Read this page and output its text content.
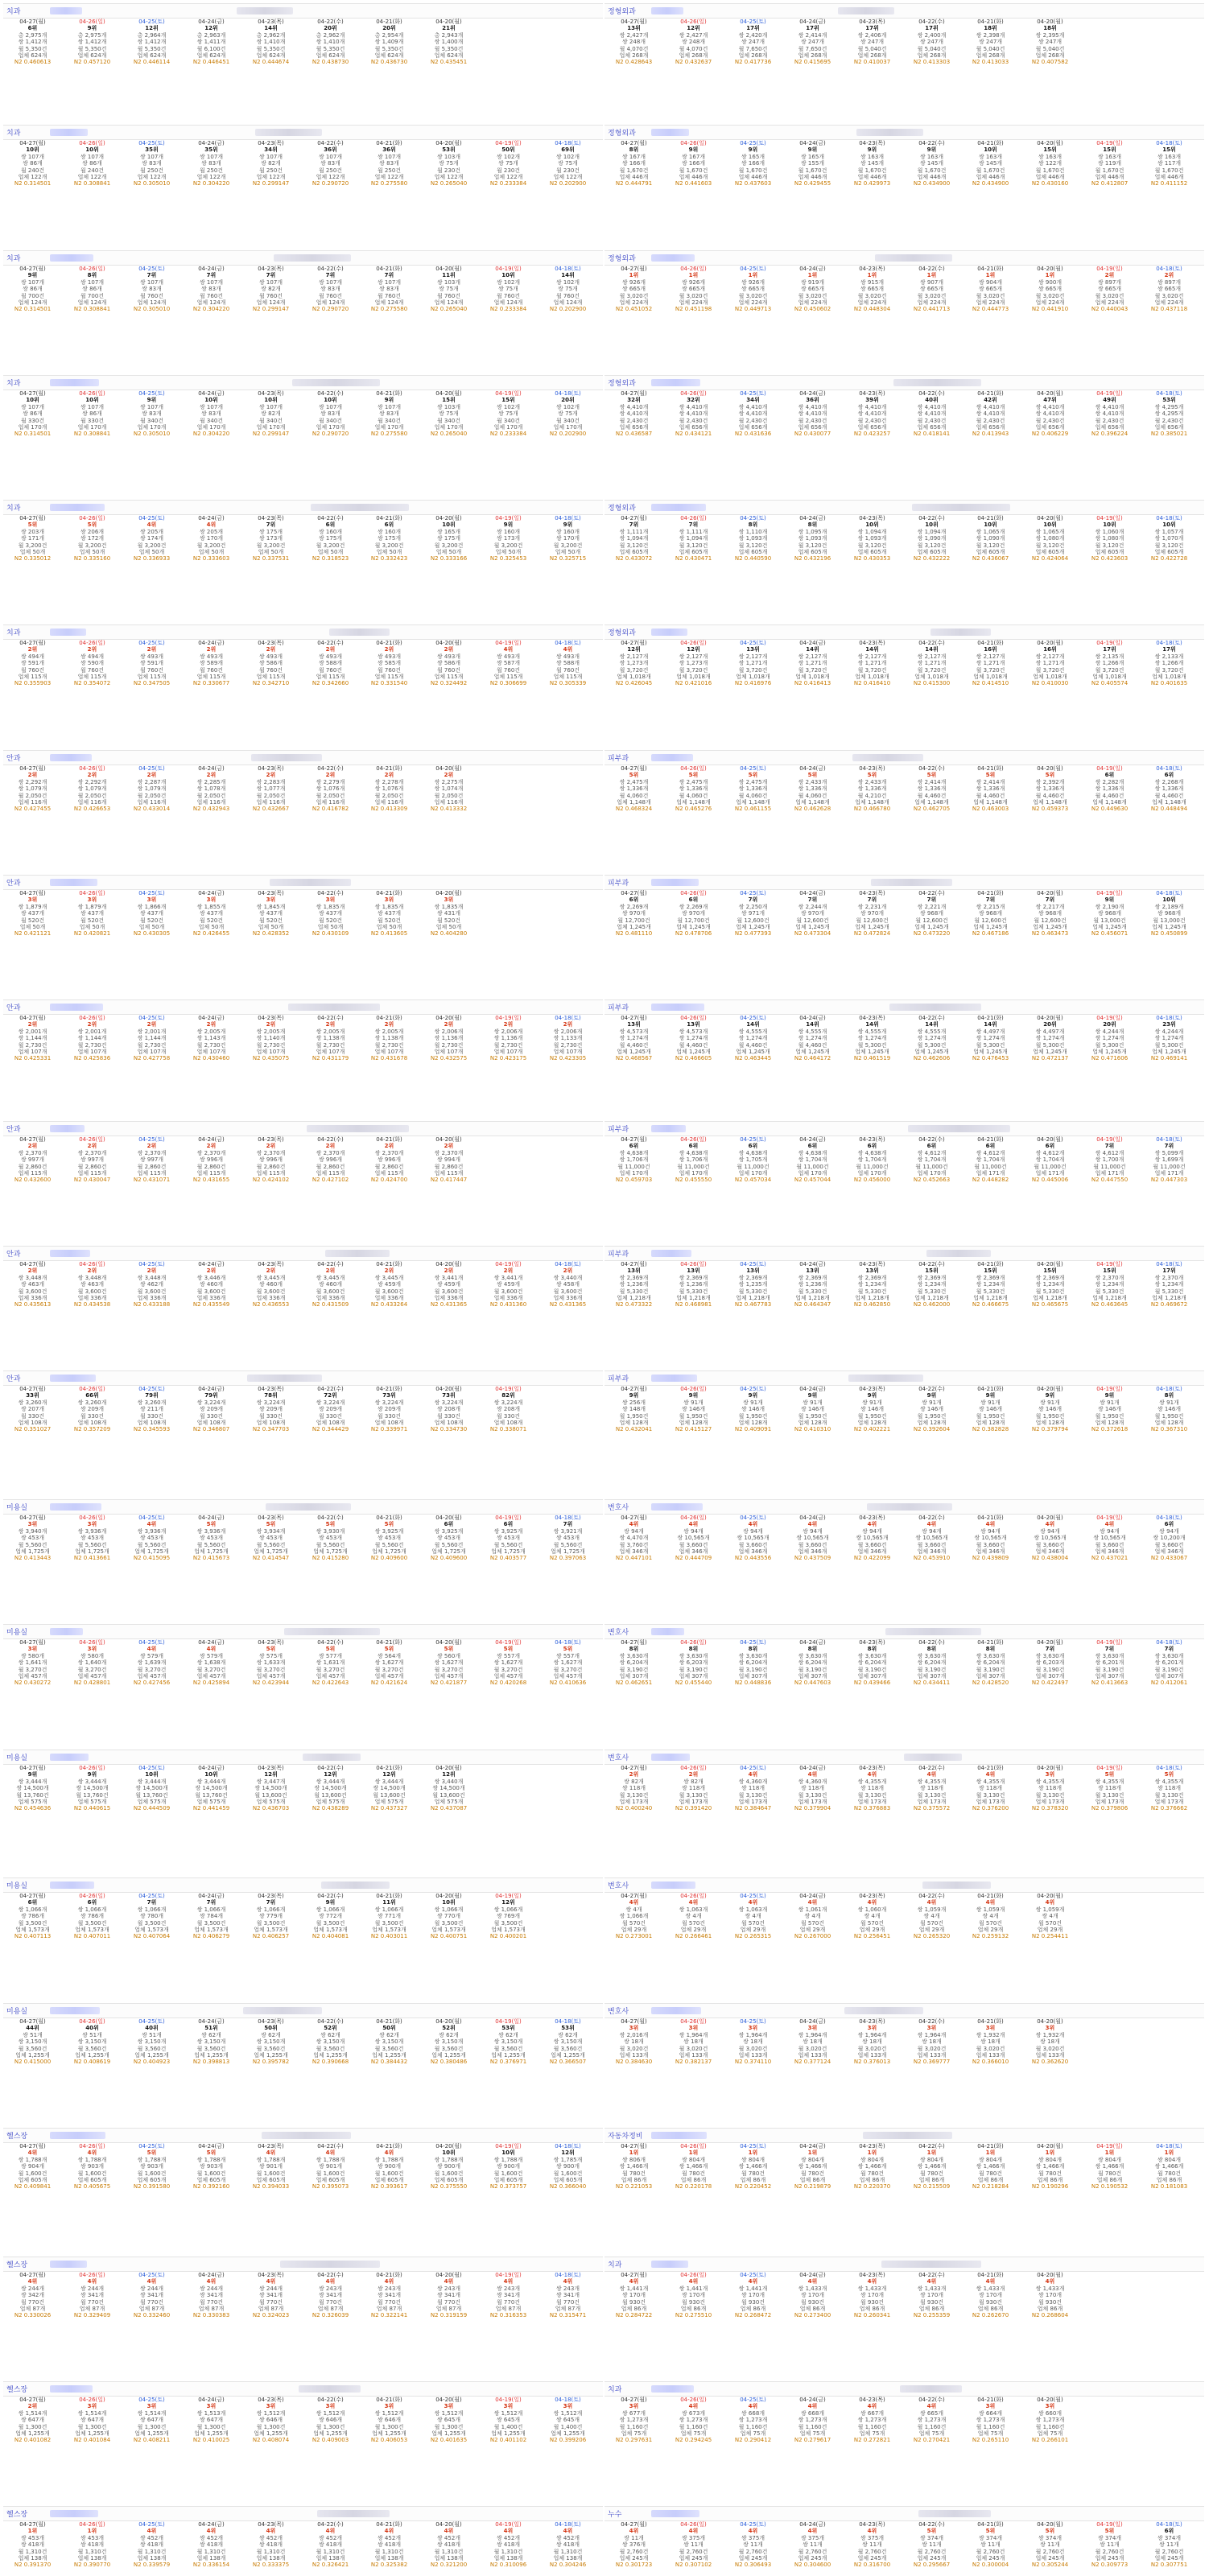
치과
04-27(월)
6위
총 2,975개
쌍 1,412개
월 5,350건
업체 624개
N2 0.460613
04-26(일)
9위
총 2,975개
쌍 1,412개
월 5,350건
업체 624개
N2 0.457120
04-25(토)
12위
총 2,964개
쌍 1,412개
월 5,350건
업체 624개
N2 0.446114
04-24(금)
12위
총 2,963개
쌍 1,411개
월 6,100건
업체 624개
N2 0.446451
04-23(목)
14위
총 2,962개
쌍 1,410개
월 5,350건
업체 624개
N2 0.444674
04-22(수)
20위
총 2,962개
쌍 1,410개
월 5,350건
업체 624개
N2 0.438730
04-21(화)
20위
총 2,954개
쌍 1,409개
월 5,350건
업체 624개
N2 0.436730
04-20(월)
21위
총 2,943개
쌍 1,400개
월 5,350건
업체 624개
N2 0.435451
치과
04-27(월)
10위
쌍 107개
쌍 86개
월 240건
업체 122개
N2 0.314501
04-26(일)
10위
쌍 107개
쌍 86개
월 240건
업체 122개
N2 0.308841
04-25(토)
35위
쌍 107개
쌍 83개
월 250건
업체 122개
N2 0.305010
04-24(금)
35위
쌍 107개
쌍 83개
월 250건
업체 122개
N2 0.304220
04-23(목)
34위
쌍 107개
쌍 82개
월 250건
업체 122개
N2 0.299147
04-22(수)
36위
쌍 107개
쌍 83개
월 250건
업체 122개
N2 0.290720
04-21(화)
36위
쌍 107개
쌍 83개
월 250건
업체 122개
N2 0.275580
04-20(월)
53위
쌍 103개
쌍 75개
월 230건
업체 122개
N2 0.265040
04-19(일)
50위
쌍 102개
쌍 75개
월 230건
업체 122개
N2 0.233384
04-18(토)
69위
쌍 102개
쌍 75개
월 230건
업체 122개
N2 0.202900
치과
04-27(월)
9위
쌍 107개
쌍 86개
월 700건
업체 124개
N2 0.314501
04-26(일)
8위
쌍 107개
쌍 86개
월 700건
업체 124개
N2 0.308841
04-25(토)
7위
쌍 107개
쌍 83개
월 760건
업체 124개
N2 0.305010
04-24(금)
7위
쌍 107개
쌍 83개
월 760건
업체 124개
N2 0.304220
04-23(목)
7위
쌍 107개
쌍 82개
월 760건
업체 124개
N2 0.299147
04-22(수)
7위
쌍 107개
쌍 83개
월 760건
업체 124개
N2 0.290720
04-21(화)
7위
쌍 107개
쌍 83개
월 760건
업체 124개
N2 0.275580
04-20(월)
11위
쌍 103개
쌍 75개
월 760건
업체 124개
N2 0.265040
04-19(일)
10위
쌍 102개
쌍 75개
월 760건
업체 124개
N2 0.233384
04-18(토)
14위
쌍 102개
쌍 75개
월 760건
업체 124개
N2 0.202900
치과
04-27(월)
10위
쌍 107개
쌍 86개
월 330건
업체 170개
N2 0.314501
04-26(일)
10위
쌍 107개
쌍 86개
월 330건
업체 170개
N2 0.308841
04-25(토)
9위
쌍 107개
쌍 83개
월 340건
업체 170개
N2 0.305010
04-24(금)
10위
쌍 107개
쌍 83개
월 340건
업체 170개
N2 0.304220
04-23(목)
10위
쌍 107개
쌍 82개
월 340건
업체 170개
N2 0.299147
04-22(수)
10위
쌍 107개
쌍 83개
월 340건
업체 170개
N2 0.290720
04-21(화)
9위
쌍 107개
쌍 83개
월 340건
업체 170개
N2 0.275580
04-20(월)
15위
쌍 103개
쌍 75개
월 340건
업체 170개
N2 0.265040
04-19(일)
15위
쌍 102개
쌍 75개
월 340건
업체 170개
N2 0.233384
04-18(토)
20위
쌍 102개
쌍 75개
월 340건
업체 170개
N2 0.202900
치과
04-27(월)
5위
쌍 203개
쌍 171개
월 3,200건
업체 50개
N2 0.335012
04-26(일)
5위
쌍 206개
쌍 172개
월 3,200건
업체 50개
N2 0.335160
04-25(토)
4위
쌍 205개
쌍 174개
월 3,200건
업체 50개
N2 0.336933
04-24(금)
4위
쌍 205개
쌍 170개
월 3,200건
업체 50개
N2 0.333603
04-23(목)
7위
쌍 175개
쌍 173개
월 3,200건
업체 50개
N2 0.337531
04-22(수)
6위
쌍 160개
쌍 175개
월 3,200건
업체 50개
N2 0.318523
04-21(화)
6위
쌍 160개
쌍 175개
월 3,200건
업체 50개
N2 0.332423
04-20(월)
10위
쌍 165개
쌍 175개
월 3,200건
업체 50개
N2 0.333166
04-19(일)
9위
쌍 160개
쌍 173개
월 3,200건
업체 50개
N2 0.325453
04-18(토)
9위
쌍 160개
쌍 170개
월 3,200건
업체 50개
N2 0.325715
치과
04-27(월)
2위
쌍 494개
쌍 591개
월 760건
업체 115개
N2 0.355903
04-26(일)
2위
쌍 494개
쌍 590개
월 760건
업체 115개
N2 0.354072
04-25(토)
2위
쌍 493개
쌍 591개
월 760건
업체 115개
N2 0.347505
04-24(금)
2위
쌍 493개
쌍 589개
월 760건
업체 115개
N2 0.330677
04-23(목)
2위
쌍 493개
쌍 586개
월 760건
업체 115개
N2 0.342710
04-22(수)
2위
쌍 493개
쌍 588개
월 760건
업체 115개
N2 0.342660
04-21(화)
2위
쌍 493개
쌍 585개
월 760건
업체 115개
N2 0.331540
04-20(월)
2위
쌍 493개
쌍 586개
월 760건
업체 115개
N2 0.324492
04-19(일)
4위
쌍 493개
쌍 587개
월 760건
업체 115개
N2 0.306699
04-18(토)
4위
쌍 493개
쌍 588개
월 760건
업체 115개
N2 0.305339
안과
04-27(월)
2위
쌍 2,292개
쌍 1,079개
월 2,050건
업체 116개
N2 0.427455
04-26(일)
2위
쌍 2,292개
쌍 1,079개
월 2,050건
업체 116개
N2 0.426653
04-25(토)
2위
쌍 2,287개
쌍 1,079개
월 2,050건
업체 116개
N2 0.433014
04-24(금)
2위
쌍 2,285개
쌍 1,078개
월 2,050건
업체 116개
N2 0.432943
04-23(목)
2위
쌍 2,283개
쌍 1,077개
월 2,050건
업체 116개
N2 0.432667
04-22(수)
2위
쌍 2,279개
쌍 1,076개
월 2,050건
업체 116개
N2 0.416782
04-21(화)
2위
쌍 2,278개
쌍 1,076개
월 2,050건
업체 116개
N2 0.413309
04-20(월)
2위
쌍 2,275개
쌍 1,074개
월 2,050건
업체 116개
N2 0.413332
안과
04-27(월)
3위
쌍 1,879개
쌍 437개
월 520건
업체 50개
N2 0.421121
04-26(일)
3위
쌍 1,879개
쌍 437개
월 520건
업체 50개
N2 0.420821
04-25(토)
3위
쌍 1,866개
쌍 437개
월 520건
업체 50개
N2 0.430305
04-24(금)
3위
쌍 1,855개
쌍 437개
월 520건
업체 50개
N2 0.426455
04-23(목)
3위
쌍 1,845개
쌍 437개
월 520건
업체 50개
N2 0.428352
04-22(수)
3위
쌍 1,835개
쌍 437개
월 520건
업체 50개
N2 0.430109
04-21(화)
3위
쌍 1,835개
쌍 437개
월 520건
업체 50개
N2 0.413605
04-20(월)
3위
쌍 1,835개
쌍 431개
월 520건
업체 50개
N2 0.404280
안과
04-27(월)
2위
쌍 2,001개
쌍 1,144개
월 2,730건
업체 107개
N2 0.425331
04-26(일)
2위
쌍 2,001개
쌍 1,144개
월 2,730건
업체 107개
N2 0.425836
04-25(토)
2위
쌍 2,001개
쌍 1,144개
월 2,730건
업체 107개
N2 0.427758
04-24(금)
2위
쌍 2,005개
쌍 1,143개
월 2,730건
업체 107개
N2 0.430460
04-23(목)
2위
쌍 2,005개
쌍 1,140개
월 2,730건
업체 107개
N2 0.435075
04-22(수)
2위
쌍 2,005개
쌍 1,138개
월 2,730건
업체 107개
N2 0.431179
04-21(화)
2위
쌍 2,005개
쌍 1,138개
월 2,730건
업체 107개
N2 0.431678
04-20(월)
2위
쌍 2,006개
쌍 1,136개
월 2,730건
업체 107개
N2 0.432575
04-19(일)
2위
쌍 2,006개
쌍 1,136개
월 2,730건
업체 107개
N2 0.423175
04-18(토)
2위
쌍 2,006개
쌍 1,133개
월 2,730건
업체 107개
N2 0.423305
안과
04-27(월)
2위
쌍 2,370개
쌍 997개
월 2,860건
업체 115개
N2 0.432600
04-26(일)
2위
쌍 2,370개
쌍 997개
월 2,860건
업체 115개
N2 0.430047
04-25(토)
2위
쌍 2,370개
쌍 997개
월 2,860건
업체 115개
N2 0.431071
04-24(금)
2위
쌍 2,370개
쌍 996개
월 2,860건
업체 115개
N2 0.431655
04-23(목)
2위
쌍 2,370개
쌍 996개
월 2,860건
업체 115개
N2 0.424102
04-22(수)
2위
쌍 2,370개
쌍 996개
월 2,860건
업체 115개
N2 0.427102
04-21(화)
2위
쌍 2,370개
쌍 996개
월 2,860건
업체 115개
N2 0.424700
04-20(월)
2위
쌍 2,370개
쌍 994개
월 2,860건
업체 115개
N2 0.417447
안과
04-27(월)
2위
쌍 3,448개
쌍 463개
월 3,600건
업체 336개
N2 0.435613
04-26(일)
2위
쌍 3,448개
쌍 463개
월 3,600건
업체 336개
N2 0.434538
04-25(토)
2위
쌍 3,448개
쌍 462개
월 3,600건
업체 336개
N2 0.433188
04-24(금)
2위
쌍 3,446개
쌍 460개
월 3,600건
업체 336개
N2 0.435549
04-23(목)
2위
쌍 3,445개
쌍 460개
월 3,600건
업체 336개
N2 0.436553
04-22(수)
2위
쌍 3,445개
쌍 460개
월 3,600건
업체 336개
N2 0.431509
04-21(화)
2위
쌍 3,445개
쌍 459개
월 3,600건
업체 336개
N2 0.433264
04-20(월)
2위
쌍 3,441개
쌍 459개
월 3,600건
업체 336개
N2 0.431365
04-19(일)
2위
쌍 3,441개
쌍 459개
월 3,600건
업체 336개
N2 0.431360
04-18(토)
2위
쌍 3,440개
쌍 458개
월 3,600건
업체 336개
N2 0.431365
안과
04-27(월)
33위
쌍 3,260개
쌍 207개
월 330건
업체 108개
N2 0.351027
04-26(일)
66위
쌍 3,260개
쌍 209개
월 330건
업체 108개
N2 0.357209
04-25(토)
79위
쌍 3,260개
쌍 211개
월 330건
업체 108개
N2 0.345593
04-24(금)
79위
쌍 3,224개
쌍 209개
월 330건
업체 108개
N2 0.346807
04-23(목)
78위
쌍 3,224개
쌍 209개
월 330건
업체 108개
N2 0.347703
04-22(수)
72위
쌍 3,224개
쌍 209개
월 330건
업체 108개
N2 0.344429
04-21(화)
73위
쌍 3,224개
쌍 209개
월 330건
업체 108개
N2 0.339971
04-20(월)
73위
쌍 3,224개
쌍 208개
월 330건
업체 108개
N2 0.334730
04-19(일)
82위
쌍 3,224개
쌍 208개
월 330건
업체 108개
N2 0.338071
미용실
04-27(월)
3위
쌍 3,940개
쌍 453개
월 5,560건
업체 1,725개
N2 0.413443
04-26(일)
3위
쌍 3,936개
쌍 453개
월 5,560건
업체 1,725개
N2 0.413661
04-25(토)
4위
쌍 3,936개
쌍 453개
월 5,560건
업체 1,725개
N2 0.415095
04-24(금)
5위
쌍 3,936개
쌍 453개
월 5,560건
업체 1,725개
N2 0.415673
04-23(목)
5위
쌍 3,934개
쌍 453개
월 5,560건
업체 1,725개
N2 0.414547
04-22(수)
5위
쌍 3,930개
쌍 453개
월 5,560건
업체 1,725개
N2 0.415280
04-21(화)
5위
쌍 3,925개
쌍 453개
월 5,560건
업체 1,725개
N2 0.409600
04-20(월)
6위
쌍 3,925개
쌍 453개
월 5,560건
업체 1,725개
N2 0.409600
04-19(일)
6위
쌍 3,925개
쌍 453개
월 5,560건
업체 1,725개
N2 0.403577
04-18(토)
7위
쌍 3,921개
쌍 453개
월 5,560건
업체 1,725개
N2 0.397063
미용실
04-27(월)
3위
쌍 580개
쌍 1,641개
월 3,270건
업체 457개
N2 0.430272
04-26(일)
3위
쌍 580개
쌍 1,640개
월 3,270건
업체 457개
N2 0.428801
04-25(토)
4위
쌍 579개
쌍 1,639개
월 3,270건
업체 457개
N2 0.427456
04-24(금)
4위
쌍 579개
쌍 1,638개
월 3,270건
업체 457개
N2 0.425894
04-23(목)
5위
쌍 575개
쌍 1,633개
월 3,270건
업체 457개
N2 0.423944
04-22(수)
5위
쌍 577개
쌍 1,631개
월 3,270건
업체 457개
N2 0.422643
04-21(화)
5위
쌍 564개
쌍 1,627개
월 3,270건
업체 457개
N2 0.421624
04-20(월)
5위
쌍 560개
쌍 1,627개
월 3,270건
업체 457개
N2 0.421877
04-19(일)
5위
쌍 557개
쌍 1,627개
월 3,270건
업체 457개
N2 0.420268
04-18(토)
5위
쌍 557개
쌍 1,627개
월 3,270건
업체 457개
N2 0.410636
미용실
04-27(월)
9위
쌍 3,444개
쌍 14,500개
월 13,760건
업체 575개
N2 0.454636
04-26(일)
9위
쌍 3,444개
쌍 14,500개
월 13,760건
업체 575개
N2 0.440615
04-25(토)
10위
쌍 3,444개
쌍 14,500개
월 13,760건
업체 575개
N2 0.444509
04-24(금)
10위
쌍 3,444개
쌍 14,500개
월 13,760건
업체 575개
N2 0.441459
04-23(목)
12위
쌍 3,447개
쌍 14,500개
월 13,600건
업체 575개
N2 0.436703
04-22(수)
12위
쌍 3,444개
쌍 14,500개
월 13,600건
업체 575개
N2 0.438289
04-21(화)
12위
쌍 3,444개
쌍 14,500개
월 13,600건
업체 575개
N2 0.437327
04-20(월)
12위
쌍 3,440개
쌍 14,500개
월 13,600건
업체 575개
N2 0.437087
미용실
04-27(월)
6위
쌍 1,066개
쌍 786개
월 3,500건
업체 1,573개
N2 0.407113
04-26(일)
6위
쌍 1,066개
쌍 786개
월 3,500건
업체 1,573개
N2 0.407011
04-25(토)
7위
쌍 1,066개
쌍 780개
월 3,500건
업체 1,573개
N2 0.407064
04-24(금)
7위
쌍 1,066개
쌍 784개
월 3,500건
업체 1,573개
N2 0.406279
04-23(목)
7위
쌍 1,066개
쌍 779개
월 3,500건
업체 1,573개
N2 0.406257
04-22(수)
9위
쌍 1,066개
쌍 772개
월 3,500건
업체 1,573개
N2 0.404081
04-21(화)
11위
쌍 1,066개
쌍 771개
월 3,500건
업체 1,573개
N2 0.403011
04-20(월)
10위
쌍 1,066개
쌍 770개
월 3,500건
업체 1,573개
N2 0.400751
04-19(일)
12위
쌍 1,066개
쌍 769개
월 3,500건
업체 1,573개
N2 0.400201
미용실
04-27(월)
44위
쌍 51개
쌍 3,150개
월 3,560건
업체 1,255개
N2 0.415000
04-26(일)
40위
쌍 51개
쌍 3,150개
월 3,560건
업체 1,255개
N2 0.408619
04-25(토)
40위
쌍 51개
쌍 3,150개
월 3,560건
업체 1,255개
N2 0.404923
04-24(금)
51위
쌍 62개
쌍 3,150개
월 3,560건
업체 1,255개
N2 0.398813
04-23(목)
50위
쌍 62개
쌍 3,150개
월 3,560건
업체 1,255개
N2 0.395782
04-22(수)
52위
쌍 62개
쌍 3,150개
월 3,560건
업체 1,255개
N2 0.390668
04-21(화)
50위
쌍 62개
쌍 3,150개
월 3,560건
업체 1,255개
N2 0.384432
04-20(월)
52위
쌍 62개
쌍 3,150개
월 3,560건
업체 1,255개
N2 0.380486
04-19(일)
53위
쌍 62개
쌍 3,150개
월 3,560건
업체 1,255개
N2 0.376971
04-18(토)
53위
쌍 62개
쌍 3,150개
월 3,560건
업체 1,255개
N2 0.366507
헬스장
04-27(월)
4위
쌍 1,788개
쌍 904개
월 1,600건
업체 605개
N2 0.409841
04-26(일)
4위
쌍 1,788개
쌍 903개
월 1,600건
업체 605개
N2 0.405675
04-25(토)
5위
쌍 1,788개
쌍 903개
월 1,600건
업체 605개
N2 0.391580
04-24(금)
5위
쌍 1,788개
쌍 903개
월 1,600건
업체 605개
N2 0.392160
04-23(목)
4위
쌍 1,788개
쌍 901개
월 1,600건
업체 605개
N2 0.394033
04-22(수)
4위
쌍 1,788개
쌍 901개
월 1,600건
업체 605개
N2 0.395073
04-21(화)
4위
쌍 1,788개
쌍 900개
월 1,600건
업체 605개
N2 0.393617
04-20(월)
10위
쌍 1,788개
쌍 900개
월 1,600건
업체 605개
N2 0.375550
04-19(일)
10위
쌍 1,788개
쌍 900개
월 1,600건
업체 605개
N2 0.373757
04-18(토)
12위
쌍 1,785개
쌍 900개
월 1,600건
업체 605개
N2 0.366040
헬스장
04-27(월)
4위
쌍 244개
쌍 342개
월 770건
업체 87개
N2 0.330026
04-26(일)
4위
쌍 244개
쌍 341개
월 770건
업체 87개
N2 0.329409
04-25(토)
4위
쌍 244개
쌍 341개
월 770건
업체 87개
N2 0.332460
04-24(금)
4위
쌍 244개
쌍 341개
월 770건
업체 87개
N2 0.330383
04-23(목)
4위
쌍 244개
쌍 341개
월 770건
업체 87개
N2 0.324023
04-22(수)
4위
쌍 243개
쌍 341개
월 770건
업체 87개
N2 0.326039
04-21(화)
4위
쌍 243개
쌍 341개
월 770건
업체 87개
N2 0.322141
04-20(월)
4위
쌍 243개
쌍 341개
월 770건
업체 87개
N2 0.319159
04-19(일)
4위
쌍 243개
쌍 341개
월 770건
업체 87개
N2 0.316353
04-18(토)
4위
쌍 243개
쌍 341개
월 770건
업체 87개
N2 0.315471
헬스장
04-27(월)
2위
쌍 1,514개
쌍 647개
월 1,300건
업체 1,255개
N2 0.401082
04-26(일)
3위
쌍 1,514개
쌍 647개
월 1,300건
업체 1,255개
N2 0.401084
04-25(토)
3위
쌍 1,514개
쌍 647개
월 1,300건
업체 1,255개
N2 0.408211
04-24(금)
3위
쌍 1,513개
쌍 647개
월 1,300건
업체 1,255개
N2 0.410025
04-23(목)
3위
쌍 1,512개
쌍 646개
월 1,300건
업체 1,255개
N2 0.408074
04-22(수)
3위
쌍 1,512개
쌍 646개
월 1,300건
업체 1,255개
N2 0.409003
04-21(화)
3위
쌍 1,512개
쌍 646개
월 1,300건
업체 1,255개
N2 0.406053
04-20(월)
3위
쌍 1,512개
쌍 645개
월 1,300건
업체 1,255개
N2 0.401635
04-19(일)
3위
쌍 1,512개
쌍 645개
월 1,400건
업체 1,255개
N2 0.401102
04-18(토)
3위
쌍 1,512개
쌍 645개
월 1,400건
업체 1,255개
N2 0.399206
헬스장
04-27(월)
1위
쌍 453개
쌍 418개
월 1,310건
업체 138개
N2 0.391370
04-26(일)
1위
쌍 453개
쌍 418개
월 1,310건
업체 138개
N2 0.390770
04-25(토)
4위
쌍 452개
쌍 418개
월 1,310건
업체 138개
N2 0.339579
04-24(금)
4위
쌍 452개
쌍 418개
월 1,310건
업체 138개
N2 0.336154
04-23(목)
4위
쌍 452개
쌍 418개
월 1,310건
업체 138개
N2 0.333375
04-22(수)
4위
쌍 452개
쌍 418개
월 1,310건
업체 138개
N2 0.326421
04-21(화)
4위
쌍 452개
쌍 418개
월 1,310건
업체 138개
N2 0.325382
04-20(월)
4위
쌍 452개
쌍 418개
월 1,310건
업체 138개
N2 0.321200
04-19(일)
4위
쌍 452개
쌍 418개
월 1,310건
업체 138개
N2 0.310096
04-18(토)
4위
쌍 452개
쌍 418개
월 1,310건
업체 138개
N2 0.304246
정형외과
04-27(월)
13위
쌍 2,427개
쌍 248개
월 4,070건
업체 268개
N2 0.428643
04-26(일)
12위
쌍 2,427개
쌍 248개
월 4,070건
업체 268개
N2 0.432637
04-25(토)
17위
쌍 2,420개
쌍 247개
월 7,650건
업체 268개
N2 0.417736
04-24(금)
17위
쌍 2,414개
쌍 247개
월 7,650건
업체 268개
N2 0.415695
04-23(목)
17위
쌍 2,406개
쌍 247개
월 5,040건
업체 268개
N2 0.410037
04-22(수)
17위
쌍 2,400개
쌍 247개
월 5,040건
업체 268개
N2 0.413303
04-21(화)
18위
쌍 2,398개
쌍 247개
월 5,040건
업체 268개
N2 0.413033
04-20(월)
18위
쌍 2,395개
쌍 247개
월 5,040건
업체 268개
N2 0.407582
정형외과
04-27(월)
8위
쌍 167개
쌍 166개
월 1,670건
업체 446개
N2 0.444791
04-26(일)
9위
쌍 167개
쌍 166개
월 1,670건
업체 446개
N2 0.441603
04-25(토)
9위
쌍 165개
쌍 166개
월 1,670건
업체 446개
N2 0.437603
04-24(금)
9위
쌍 165개
쌍 155개
월 1,670건
업체 446개
N2 0.429455
04-23(목)
9위
쌍 163개
쌍 145개
월 1,670건
업체 446개
N2 0.429973
04-22(수)
9위
쌍 163개
쌍 145개
월 1,670건
업체 446개
N2 0.434900
04-21(화)
10위
쌍 163개
쌍 145개
월 1,670건
업체 446개
N2 0.434900
04-20(월)
15위
쌍 163개
쌍 122개
월 1,670건
업체 446개
N2 0.430160
04-19(일)
15위
쌍 163개
쌍 119개
월 1,670건
업체 446개
N2 0.412807
04-18(토)
15위
쌍 163개
쌍 117개
월 1,670건
업체 446개
N2 0.411152
정형외과
04-27(월)
1위
쌍 926개
쌍 665개
월 3,020건
업체 224개
N2 0.451052
04-26(일)
1위
쌍 926개
쌍 665개
월 3,020건
업체 224개
N2 0.451198
04-25(토)
1위
쌍 926개
쌍 665개
월 3,020건
업체 224개
N2 0.449713
04-24(금)
1위
쌍 919개
쌍 665개
월 3,020건
업체 224개
N2 0.450602
04-23(목)
1위
쌍 915개
쌍 665개
월 3,020건
업체 224개
N2 0.448304
04-22(수)
1위
쌍 907개
쌍 665개
월 3,020건
업체 224개
N2 0.441713
04-21(화)
1위
쌍 904개
쌍 665개
월 3,020건
업체 224개
N2 0.444773
04-20(월)
1위
쌍 900개
쌍 665개
월 3,020건
업체 224개
N2 0.441910
04-19(일)
2위
쌍 897개
쌍 665개
월 3,020건
업체 224개
N2 0.440043
04-18(토)
2위
쌍 897개
쌍 665개
월 3,020건
업체 224개
N2 0.437118
정형외과
04-27(월)
32위
쌍 4,410개
쌍 4,410개
월 2,430건
업체 656개
N2 0.436587
04-26(일)
32위
쌍 4,410개
쌍 4,410개
월 2,430건
업체 656개
N2 0.434121
04-25(토)
34위
쌍 4,410개
쌍 4,410개
월 2,430건
업체 656개
N2 0.431636
04-24(금)
36위
쌍 4,410개
쌍 4,410개
월 2,430건
업체 656개
N2 0.430077
04-23(목)
39위
쌍 4,410개
쌍 4,410개
월 2,430건
업체 656개
N2 0.423257
04-22(수)
40위
쌍 4,410개
쌍 4,410개
월 2,430건
업체 656개
N2 0.418141
04-21(화)
42위
쌍 4,410개
쌍 4,410개
월 2,430건
업체 656개
N2 0.413943
04-20(월)
47위
쌍 4,410개
쌍 4,410개
월 2,430건
업체 656개
N2 0.406229
04-19(일)
49위
쌍 4,410개
쌍 4,410개
월 2,430건
업체 656개
N2 0.396224
04-18(토)
53위
쌍 4,295개
쌍 4,295개
월 2,430건
업체 656개
N2 0.385021
정형외과
04-27(월)
7위
쌍 1,111개
쌍 1,094개
월 3,120건
업체 605개
N2 0.433072
04-26(일)
7위
쌍 1,111개
쌍 1,094개
월 3,120건
업체 605개
N2 0.430471
04-25(토)
8위
쌍 1,110개
쌍 1,093개
월 3,120건
업체 605개
N2 0.440590
04-24(금)
8위
쌍 1,095개
쌍 1,093개
월 3,120건
업체 605개
N2 0.432196
04-23(목)
10위
쌍 1,094개
쌍 1,093개
월 3,120건
업체 605개
N2 0.430353
04-22(수)
10위
쌍 1,094개
쌍 1,090개
월 3,120건
업체 605개
N2 0.432222
04-21(화)
10위
쌍 1,065개
쌍 1,090개
월 3,120건
업체 605개
N2 0.436067
04-20(월)
10위
쌍 1,065개
쌍 1,080개
월 3,120건
업체 605개
N2 0.424064
04-19(일)
10위
쌍 1,060개
쌍 1,080개
월 3,120건
업체 605개
N2 0.423603
04-18(토)
10위
쌍 1,057개
쌍 1,070개
월 3,120건
업체 605개
N2 0.422728
정형외과
04-27(월)
12위
쌍 2,127개
쌍 1,273개
월 3,720건
업체 1,018개
N2 0.426045
04-26(일)
12위
쌍 2,127개
쌍 1,273개
월 3,720건
업체 1,018개
N2 0.421016
04-25(토)
13위
쌍 2,127개
쌍 1,271개
월 3,720건
업체 1,018개
N2 0.416976
04-24(금)
14위
쌍 2,127개
쌍 1,271개
월 3,720건
업체 1,018개
N2 0.416413
04-23(목)
14위
쌍 2,127개
쌍 1,271개
월 3,720건
업체 1,018개
N2 0.416410
04-22(수)
14위
쌍 2,127개
쌍 1,271개
월 3,720건
업체 1,018개
N2 0.415300
04-21(화)
16위
쌍 2,127개
쌍 1,271개
월 3,720건
업체 1,018개
N2 0.414510
04-20(월)
16위
쌍 2,127개
쌍 1,271개
월 3,720건
업체 1,018개
N2 0.410030
04-19(일)
17위
쌍 2,135개
쌍 1,266개
월 3,720건
업체 1,018개
N2 0.405574
04-18(토)
17위
쌍 2,133개
쌍 1,266개
월 3,720건
업체 1,018개
N2 0.401635
피부과
04-27(월)
5위
쌍 2,475개
쌍 1,336개
월 4,060건
업체 1,148개
N2 0.468324
04-26(일)
5위
쌍 2,475개
쌍 1,336개
월 4,060건
업체 1,148개
N2 0.465276
04-25(토)
5위
쌍 2,475개
쌍 1,336개
월 4,060건
업체 1,148개
N2 0.461155
04-24(금)
5위
쌍 2,433개
쌍 1,336개
월 4,060건
업체 1,148개
N2 0.462628
04-23(목)
5위
쌍 2,433개
쌍 1,336개
월 4,210건
업체 1,148개
N2 0.466780
04-22(수)
5위
쌍 2,414개
쌍 1,336개
월 4,460건
업체 1,148개
N2 0.462705
04-21(화)
5위
쌍 2,414개
쌍 1,336개
월 4,460건
업체 1,148개
N2 0.463003
04-20(월)
5위
쌍 2,392개
쌍 1,336개
월 4,460건
업체 1,148개
N2 0.459373
04-19(일)
6위
쌍 2,282개
쌍 1,336개
월 4,460건
업체 1,148개
N2 0.449630
04-18(토)
6위
쌍 2,268개
쌍 1,336개
월 4,460건
업체 1,148개
N2 0.448494
피부과
04-27(월)
6위
쌍 2,269개
쌍 970개
월 12,700건
업체 1,245개
N2 0.481110
04-26(일)
6위
쌍 2,269개
쌍 970개
월 12,700건
업체 1,245개
N2 0.478706
04-25(토)
7위
쌍 2,250개
쌍 971개
월 12,600건
업체 1,245개
N2 0.477393
04-24(금)
7위
쌍 2,244개
쌍 970개
월 12,600건
업체 1,245개
N2 0.473304
04-23(목)
7위
쌍 2,231개
쌍 970개
월 12,600건
업체 1,245개
N2 0.472824
04-22(수)
7위
쌍 2,221개
쌍 968개
월 12,600건
업체 1,245개
N2 0.473220
04-21(화)
7위
쌍 2,215개
쌍 968개
월 12,600건
업체 1,245개
N2 0.467186
04-20(월)
7위
쌍 2,217개
쌍 968개
월 12,600건
업체 1,245개
N2 0.463473
04-19(일)
9위
쌍 2,190개
쌍 968개
월 13,000건
업체 1,245개
N2 0.456071
04-18(토)
10위
쌍 2,189개
쌍 968개
월 13,000건
업체 1,245개
N2 0.450899
피부과
04-27(월)
13위
쌍 4,573개
쌍 1,274개
월 4,460건
업체 1,245개
N2 0.468567
04-26(일)
13위
쌍 4,573개
쌍 1,274개
월 4,460건
업체 1,245개
N2 0.466605
04-25(토)
14위
쌍 4,555개
쌍 1,274개
월 4,460건
업체 1,245개
N2 0.463445
04-24(금)
14위
쌍 4,555개
쌍 1,274개
월 4,460건
업체 1,245개
N2 0.464172
04-23(목)
14위
쌍 4,555개
쌍 1,274개
월 5,300건
업체 1,245개
N2 0.461519
04-22(수)
14위
쌍 4,555개
쌍 1,274개
월 5,300건
업체 1,245개
N2 0.462606
04-21(화)
14위
쌍 4,497개
쌍 1,274개
월 5,300건
업체 1,245개
N2 0.476453
04-20(월)
20위
쌍 4,497개
쌍 1,274개
월 5,300건
업체 1,245개
N2 0.472137
04-19(일)
20위
쌍 4,244개
쌍 1,274개
월 5,300건
업체 1,245개
N2 0.471606
04-18(토)
23위
쌍 4,244개
쌍 1,274개
월 5,300건
업체 1,245개
N2 0.469141
피부과
04-27(월)
6위
쌍 4,638개
쌍 1,706개
월 11,000건
업체 170개
N2 0.459703
04-26(일)
6위
쌍 4,638개
쌍 1,706개
월 11,000건
업체 170개
N2 0.455550
04-25(토)
6위
쌍 4,638개
쌍 1,705개
월 11,000건
업체 170개
N2 0.457034
04-24(금)
6위
쌍 4,638개
쌍 1,704개
월 11,000건
업체 170개
N2 0.457044
04-23(목)
6위
쌍 4,638개
쌍 1,704개
월 11,000건
업체 170개
N2 0.456000
04-22(수)
6위
쌍 4,612개
쌍 1,704개
월 11,000건
업체 170개
N2 0.452663
04-21(화)
6위
쌍 4,612개
쌍 1,704개
월 11,000건
업체 171개
N2 0.448282
04-20(월)
6위
쌍 4,612개
쌍 1,704개
월 11,000건
업체 171개
N2 0.445006
04-19(일)
7위
쌍 4,612개
쌍 1,700개
월 11,000건
업체 171개
N2 0.447550
04-18(토)
7위
쌍 5,099개
쌍 1,699개
월 11,000건
업체 171개
N2 0.447303
피부과
04-27(월)
13위
쌍 2,369개
쌍 1,236개
월 5,330건
업체 1,218개
N2 0.473322
04-26(일)
13위
쌍 2,369개
쌍 1,236개
월 5,330건
업체 1,218개
N2 0.468981
04-25(토)
13위
쌍 2,369개
쌍 1,235개
월 5,330건
업체 1,218개
N2 0.467783
04-24(금)
13위
쌍 2,369개
쌍 1,236개
월 5,330건
업체 1,218개
N2 0.464347
04-23(목)
13위
쌍 2,369개
쌍 1,234개
월 5,330건
업체 1,218개
N2 0.462850
04-22(수)
15위
쌍 2,369개
쌍 1,234개
월 5,330건
업체 1,218개
N2 0.462000
04-21(화)
15위
쌍 2,369개
쌍 1,234개
월 5,330건
업체 1,218개
N2 0.466675
04-20(월)
15위
쌍 2,369개
쌍 1,234개
월 5,330건
업체 1,218개
N2 0.465675
04-19(일)
15위
쌍 2,370개
쌍 1,234개
월 5,330건
업체 1,218개
N2 0.463645
04-18(토)
17위
쌍 2,370개
쌍 1,234개
월 5,330건
업체 1,218개
N2 0.469672
피부과
04-27(월)
9위
쌍 256개
쌍 148개
월 1,950건
업체 128개
N2 0.432041
04-26(일)
9위
쌍 91개
쌍 146개
월 1,950건
업체 128개
N2 0.415127
04-25(토)
9위
쌍 91개
쌍 146개
월 1,950건
업체 128개
N2 0.409091
04-24(금)
9위
쌍 91개
쌍 146개
월 1,950건
업체 128개
N2 0.410310
04-23(목)
9위
쌍 91개
쌍 146개
월 1,950건
업체 128개
N2 0.402221
04-22(수)
9위
쌍 91개
쌍 146개
월 1,950건
업체 128개
N2 0.392604
04-21(화)
9위
쌍 91개
쌍 146개
월 1,950건
업체 128개
N2 0.382828
04-20(월)
9위
쌍 91개
쌍 146개
월 1,950건
업체 128개
N2 0.379794
04-19(일)
9위
쌍 91개
쌍 146개
월 1,950건
업체 128개
N2 0.372618
04-18(토)
8위
쌍 91개
쌍 146개
월 1,950건
업체 128개
N2 0.367310
변호사
04-27(월)
4위
쌍 94개
쌍 4,470개
월 3,760건
업체 346개
N2 0.447101
04-26(일)
4위
쌍 94개
쌍 10,565개
월 3,660건
업체 346개
N2 0.444709
04-25(토)
4위
쌍 94개
쌍 10,565개
월 3,660건
업체 346개
N2 0.443556
04-24(금)
4위
쌍 94개
쌍 10,565개
월 3,660건
업체 346개
N2 0.437509
04-23(목)
4위
쌍 94개
쌍 10,565개
월 3,660건
업체 346개
N2 0.422099
04-22(수)
4위
쌍 94개
쌍 10,565개
월 3,660건
업체 346개
N2 0.453910
04-21(화)
4위
쌍 94개
쌍 10,565개
월 3,660건
업체 346개
N2 0.439809
04-20(월)
4위
쌍 94개
쌍 10,565개
월 3,660건
업체 346개
N2 0.438004
04-19(일)
4위
쌍 94개
쌍 10,565개
월 3,660건
업체 346개
N2 0.437021
04-18(토)
6위
쌍 94개
쌍 10,200개
월 3,660건
업체 346개
N2 0.433067
변호사
04-27(월)
8위
쌍 3,630개
쌍 6,204개
월 3,190건
업체 307개
N2 0.462651
04-26(일)
8위
쌍 3,630개
쌍 6,203개
월 3,190건
업체 307개
N2 0.455440
04-25(토)
8위
쌍 3,630개
쌍 6,204개
월 3,190건
업체 307개
N2 0.448836
04-24(금)
8위
쌍 3,630개
쌍 6,204개
월 3,190건
업체 307개
N2 0.447603
04-23(목)
8위
쌍 3,630개
쌍 6,204개
월 3,190건
업체 307개
N2 0.439466
04-22(수)
8위
쌍 3,630개
쌍 6,204개
월 3,190건
업체 307개
N2 0.434411
04-21(화)
8위
쌍 3,630개
쌍 6,204개
월 3,190건
업체 307개
N2 0.428520
04-20(월)
7위
쌍 3,630개
쌍 6,203개
월 3,190건
업체 307개
N2 0.422497
04-19(일)
7위
쌍 3,630개
쌍 6,201개
월 3,190건
업체 307개
N2 0.413663
04-18(토)
7위
쌍 3,630개
쌍 6,201개
월 3,190건
업체 307개
N2 0.412061
변호사
04-27(월)
2위
쌍 82개
쌍 118개
월 3,130건
업체 173개
N2 0.400240
04-26(일)
2위
쌍 82개
쌍 118개
월 3,130건
업체 173개
N2 0.391420
04-25(토)
4위
쌍 4,360개
쌍 118개
월 3,130건
업체 173개
N2 0.384647
04-24(금)
4위
쌍 4,360개
쌍 118개
월 3,130건
업체 173개
N2 0.379904
04-23(목)
4위
쌍 4,355개
쌍 118개
월 3,130건
업체 173개
N2 0.376883
04-22(수)
4위
쌍 4,355개
쌍 118개
월 3,130건
업체 173개
N2 0.375572
04-21(화)
4위
쌍 4,355개
쌍 118개
월 3,130건
업체 173개
N2 0.376200
04-20(월)
3위
쌍 4,355개
쌍 118개
월 3,130건
업체 173개
N2 0.378320
04-19(일)
5위
쌍 4,355개
쌍 118개
월 3,130건
업체 173개
N2 0.379806
04-18(토)
5위
쌍 4,355개
쌍 118개
월 3,130건
업체 173개
N2 0.376662
변호사
04-27(월)
4위
쌍 4개
쌍 1,066개
월 570건
업체 29개
N2 0.273001
04-26(일)
4위
쌍 1,063개
쌍 4개
월 570건
업체 29개
N2 0.266461
04-25(토)
4위
쌍 1,063개
쌍 4개
월 570건
업체 29개
N2 0.265315
04-24(금)
4위
쌍 1,061개
쌍 4개
월 570건
업체 29개
N2 0.267000
04-23(목)
4위
쌍 1,060개
쌍 4개
월 570건
업체 29개
N2 0.256451
04-22(수)
4위
쌍 1,059개
쌍 4개
월 570건
업체 29개
N2 0.265320
04-21(화)
4위
쌍 1,059개
쌍 4개
월 570건
업체 29개
N2 0.259132
04-20(월)
4위
쌍 1,059개
쌍 4개
월 570건
업체 29개
N2 0.254411
변호사
04-27(월)
3위
쌍 2,016개
쌍 18개
월 3,020건
업체 133개
N2 0.384630
04-26(일)
3위
쌍 1,964개
쌍 18개
월 3,020건
업체 133개
N2 0.382137
04-25(토)
3위
쌍 1,964개
쌍 18개
월 3,020건
업체 133개
N2 0.374110
04-24(금)
3위
쌍 1,964개
쌍 18개
월 3,020건
업체 133개
N2 0.377124
04-23(목)
3위
쌍 1,964개
쌍 18개
월 3,020건
업체 133개
N2 0.376013
04-22(수)
3위
쌍 1,964개
쌍 18개
월 3,020건
업체 133개
N2 0.369777
04-21(화)
3위
쌍 1,932개
쌍 18개
월 3,020건
업체 133개
N2 0.366010
04-20(월)
3위
쌍 1,932개
쌍 18개
월 3,020건
업체 133개
N2 0.362620
자동차정비
04-27(월)
1위
쌍 806개
쌍 1,466개
월 780건
업체 86개
N2 0.221053
04-26(일)
1위
쌍 804개
쌍 1,466개
월 780건
업체 86개
N2 0.220178
04-25(토)
1위
쌍 804개
쌍 1,466개
월 780건
업체 86개
N2 0.220452
04-24(금)
1위
쌍 804개
쌍 1,466개
월 780건
업체 86개
N2 0.219879
04-23(목)
1위
쌍 804개
쌍 1,466개
월 780건
업체 86개
N2 0.220370
04-22(수)
1위
쌍 804개
쌍 1,466개
월 780건
업체 86개
N2 0.215509
04-21(화)
1위
쌍 804개
쌍 1,466개
월 780건
업체 86개
N2 0.218284
04-20(월)
1위
쌍 804개
쌍 1,466개
월 780건
업체 86개
N2 0.190296
04-19(일)
1위
쌍 804개
쌍 1,466개
월 780건
업체 86개
N2 0.190532
04-18(토)
1위
쌍 804개
쌍 1,466개
월 780건
업체 86개
N2 0.181083
치과
04-27(월)
4위
쌍 1,441개
쌍 170개
월 930건
업체 86개
N2 0.284722
04-26(일)
4위
쌍 1,441개
쌍 170개
월 930건
업체 86개
N2 0.275510
04-25(토)
4위
쌍 1,441개
쌍 170개
월 930건
업체 86개
N2 0.268472
04-24(금)
4위
쌍 1,433개
쌍 170개
월 930건
업체 86개
N2 0.273400
04-23(목)
4위
쌍 1,433개
쌍 170개
월 930건
업체 86개
N2 0.260341
04-22(수)
4위
쌍 1,433개
쌍 170개
월 930건
업체 86개
N2 0.255359
04-21(화)
4위
쌍 1,433개
쌍 170개
월 930건
업체 86개
N2 0.262670
04-20(월)
4위
쌍 1,433개
쌍 170개
월 930건
업체 86개
N2 0.268604
치과
04-27(월)
3위
쌍 677개
쌍 1,273개
월 1,160건
업체 75개
N2 0.297631
04-26(일)
4위
쌍 673개
쌍 1,273개
월 1,160건
업체 75개
N2 0.294245
04-25(토)
4위
쌍 668개
쌍 1,273개
월 1,160건
업체 75개
N2 0.290412
04-24(금)
4위
쌍 668개
쌍 1,273개
월 1,160건
업체 75개
N2 0.279617
04-23(목)
4위
쌍 667개
쌍 1,273개
월 1,160건
업체 75개
N2 0.272821
04-22(수)
4위
쌍 665개
쌍 1,273개
월 1,160건
업체 75개
N2 0.270421
04-21(화)
3위
쌍 664개
쌍 1,273개
월 1,160건
업체 75개
N2 0.265110
04-20(월)
3위
쌍 660개
쌍 1,273개
월 1,160건
업체 75개
N2 0.266101
누수
04-27(월)
4위
쌍 11개
쌍 376개
월 2,760건
업체 245개
N2 0.301723
04-26(일)
4위
쌍 375개
쌍 11개
월 2,760건
업체 245개
N2 0.307102
04-25(토)
4위
쌍 375개
쌍 11개
월 2,760건
업체 245개
N2 0.306493
04-24(금)
4위
쌍 375개
쌍 11개
월 2,760건
업체 245개
N2 0.304600
04-23(목)
4위
쌍 375개
쌍 11개
월 2,760건
업체 245개
N2 0.316700
04-22(수)
5위
쌍 374개
쌍 11개
월 2,760건
업체 245개
N2 0.295667
04-21(화)
5위
쌍 374개
쌍 11개
월 2,760건
업체 245개
N2 0.300004
04-20(월)
5위
쌍 374개
쌍 11개
월 2,760건
업체 245개
N2 0.305244
04-19(일)
5위
쌍 374개
쌍 11개
월 2,760건
업체 245개
N2 0.309773
04-18(토)
6위
쌍 374개
쌍 11개
월 2,760건
업체 245개
N2 0.307751
